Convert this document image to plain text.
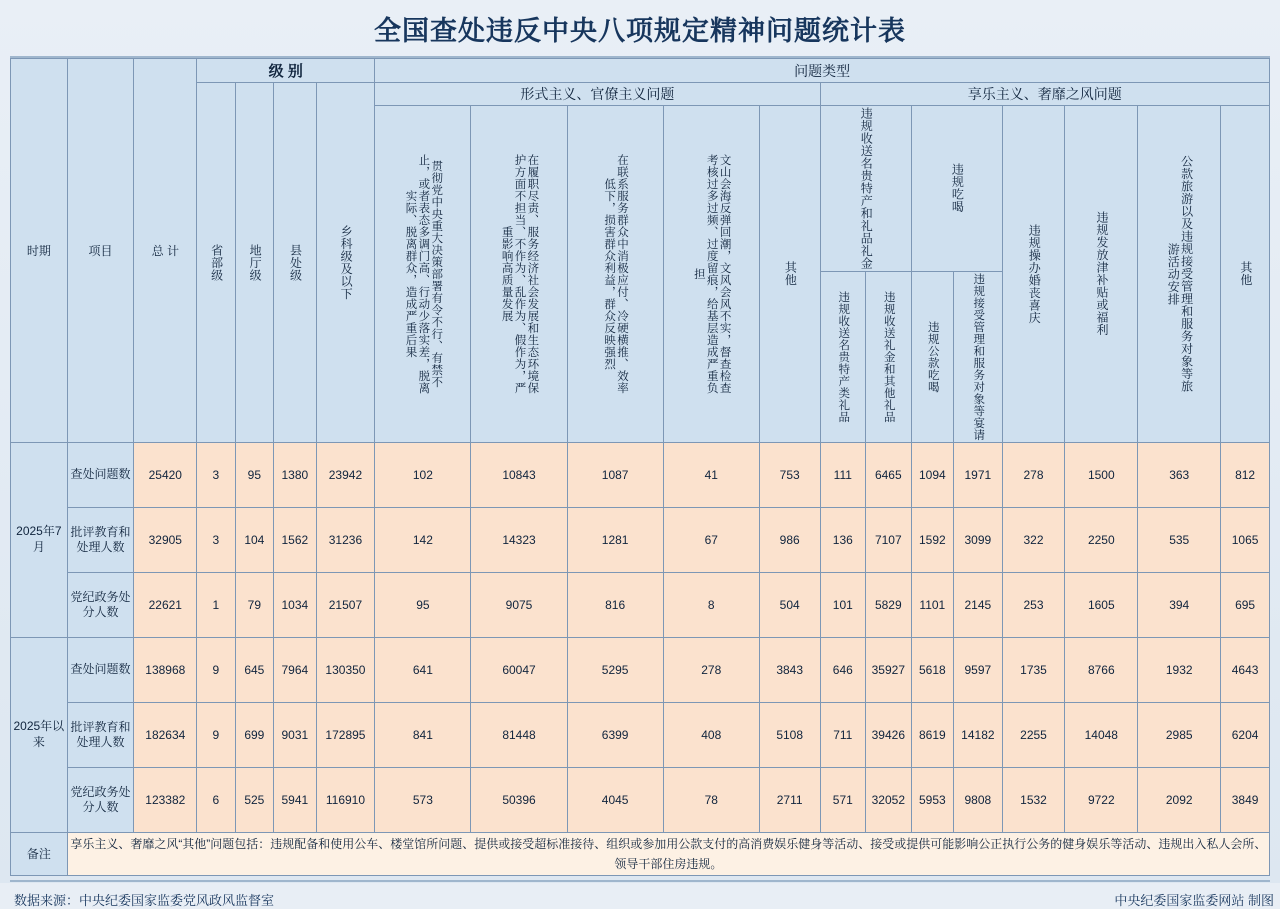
全国查处违反中央八项规定精神问题统计表
时期	项目	总 计	级 别				问题类型												

			省部级	地厅级	县处级	乡科级及以下	形式主义、官僚主义问题					享乐主义、奢靡之风问题							

							贯彻党中央重大决策部署有令不行、有禁不止，或者表态多调门高、行动少落实差，脱离实际、脱离群众，造成严重后果	在履职尽责、服务经济社会发展和生态环境保护方面不担当、不作为、乱作为、假作为，严重影响高质量发展	在联系服务群众中消极应付、冷硬横推、效率低下，损害群众利益，群众反映强烈	文山会海反弹回潮，文风会风不实，督查检查考核过多过频、过度留痕，给基层造成严重负担	其他	违规收送名贵特产和礼品礼金		违规吃喝		违规操办婚丧喜庆	违规发放津补贴或福利	公款旅游以及违规接受管理和服务对象等旅游活动安排	其他

												违规收送名贵特产类礼品	违规收送礼金和其他礼品	违规公款吃喝	违规接受管理和服务对象等宴请				

2025年7月	查处问题数	25420	3	95	1380	23942	102	10843	1087	41	753	111	6465	1094	1971	278	1500	363	812
	批评教育和处理人数	32905	3	104	1562	31236	142	14323	1281	67	986	136	7107	1592	3099	322	2250	535	1065
	党纪政务处分人数	22621	1	79	1034	21507	95	9075	816	8	504	101	5829	1101	2145	253	1605	394	695
2025年以来	查处问题数	138968	9	645	7964	130350	641	60047	5295	278	3843	646	35927	5618	9597	1735	8766	1932	4643
	批评教育和处理人数	182634	9	699	9031	172895	841	81448	6399	408	5108	711	39426	8619	14182	2255	14048	2985	6204
	党纪政务处分人数	123382	6	525	5941	116910	573	50396	4045	78	2711	571	32052	5953	9808	1532	9722	2092	3849
备注	享乐主义、奢靡之风“其他”问题包括：违规配备和使用公车、楼堂馆所问题、提供或接受超标准接待、组织或参加用公款支付的高消费娱乐健身等活动、接受或提供可能影响公正执行公务的健身娱乐等活动、违规出入私人会所、领导干部住房违规。																		
数据来源：中央纪委国家监委党风政风监督室	中央纪委国家监委网站 制图
